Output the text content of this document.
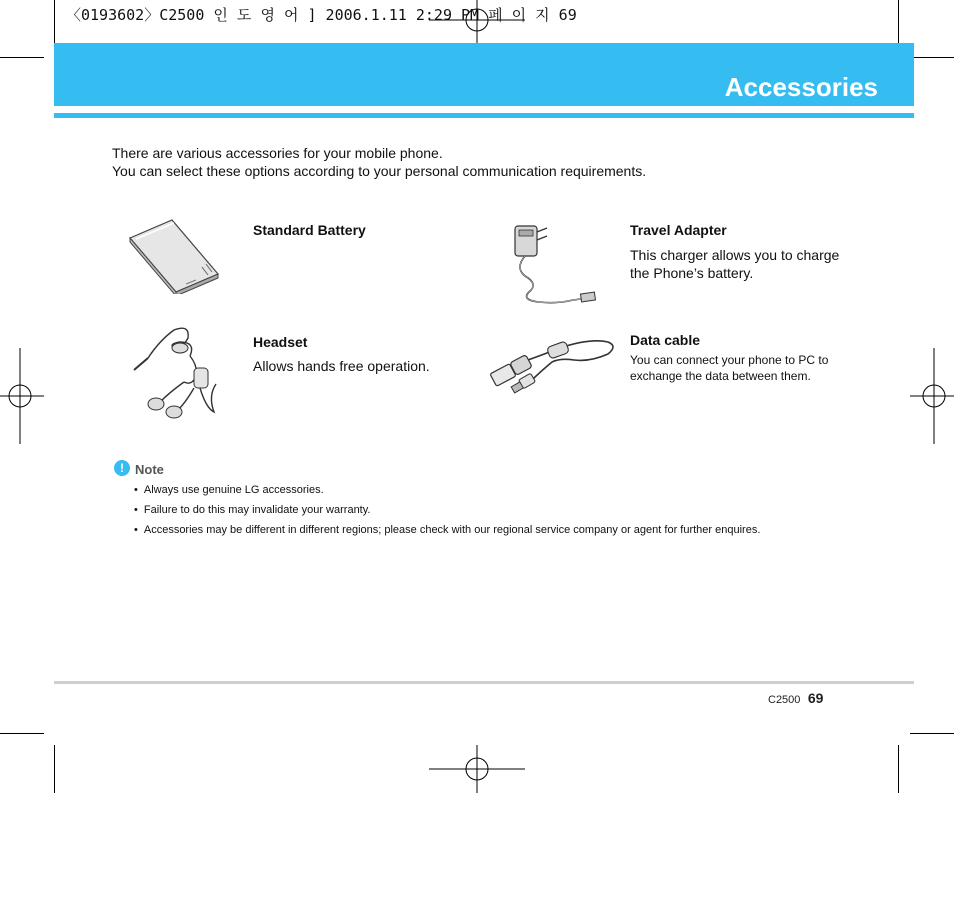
〈0193602〉C2500 인 도 영 어 ] 2006.1.11 2:29 PM 페 이 지 69
Accessories
There are various accessories for your mobile phone.
You can select these options according to your personal communication requirements.
Standard Battery	Travel Adapter
This charger allows you to charge
the Phone’s battery.
Headset
Allows hands free operation.
Data cable
You can connect your phone to PC to
exchange the data between them.
! Note
• Always use genuine LG accessories.
• Failure to do this may invalidate your warranty.
• Accessories may be different in different regions; please check with our regional service company or agent for further enquires.
C2500 69
